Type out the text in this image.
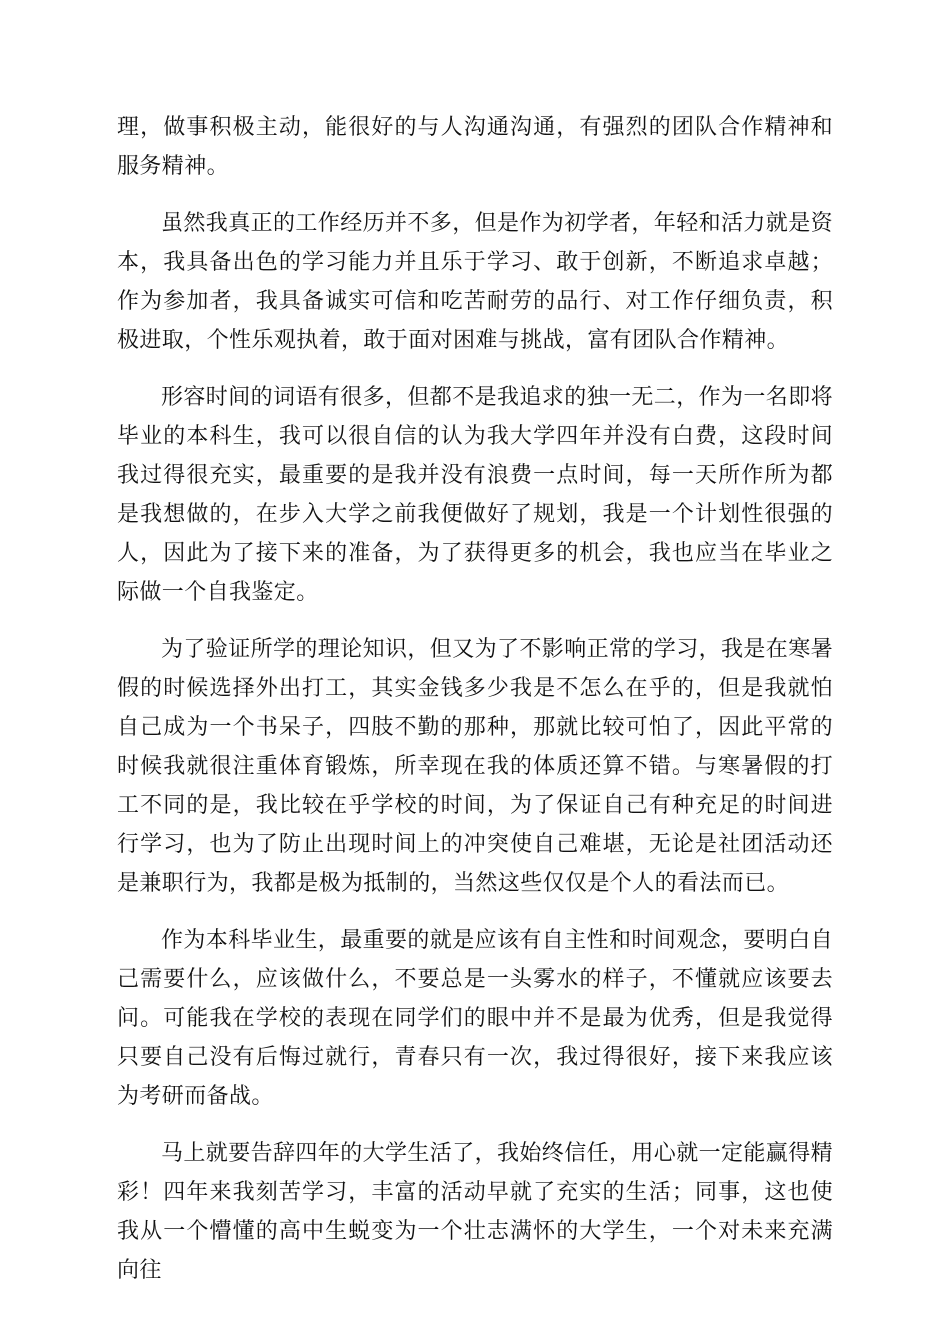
理，做事积极主动，能很好的与人沟通沟通，有强烈的团队合作精神和服务精神。

虽然我真正的工作经历并不多，但是作为初学者，年轻和活力就是资本，我具备出色的学习能力并且乐于学习、敢于创新，不断追求卓越；作为参加者，我具备诚实可信和吃苦耐劳的品行、对工作仔细负责，积极进取，个性乐观执着，敢于面对困难与挑战，富有团队合作精神。

形容时间的词语有很多，但都不是我追求的独一无二，作为一名即将毕业的本科生，我可以很自信的认为我大学四年并没有白费，这段时间我过得很充实，最重要的是我并没有浪费一点时间，每一天所作所为都是我想做的，在步入大学之前我便做好了规划，我是一个计划性很强的人，因此为了接下来的准备，为了获得更多的机会，我也应当在毕业之际做一个自我鉴定。

为了验证所学的理论知识，但又为了不影响正常的学习，我是在寒暑假的时候选择外出打工，其实金钱多少我是不怎么在乎的，但是我就怕自己成为一个书呆子，四肢不勤的那种，那就比较可怕了，因此平常的时候我就很注重体育锻炼，所幸现在我的体质还算不错。与寒暑假的打工不同的是，我比较在乎学校的时间，为了保证自己有种充足的时间进行学习，也为了防止出现时间上的冲突使自己难堪，无论是社团活动还是兼职行为，我都是极为抵制的，当然这些仅仅是个人的看法而已。

作为本科毕业生，最重要的就是应该有自主性和时间观念，要明白自己需要什么，应该做什么，不要总是一头雾水的样子，不懂就应该要去问。可能我在学校的表现在同学们的眼中并不是最为优秀，但是我觉得只要自己没有后悔过就行，青春只有一次，我过得很好，接下来我应该为考研而备战。

马上就要告辞四年的大学生活了，我始终信任，用心就一定能赢得精彩！四年来我刻苦学习，丰富的活动早就了充实的生活；同事，这也使我从一个懵懂的高中生蜕变为一个壮志满怀的大学生，一个对未来充满向往
